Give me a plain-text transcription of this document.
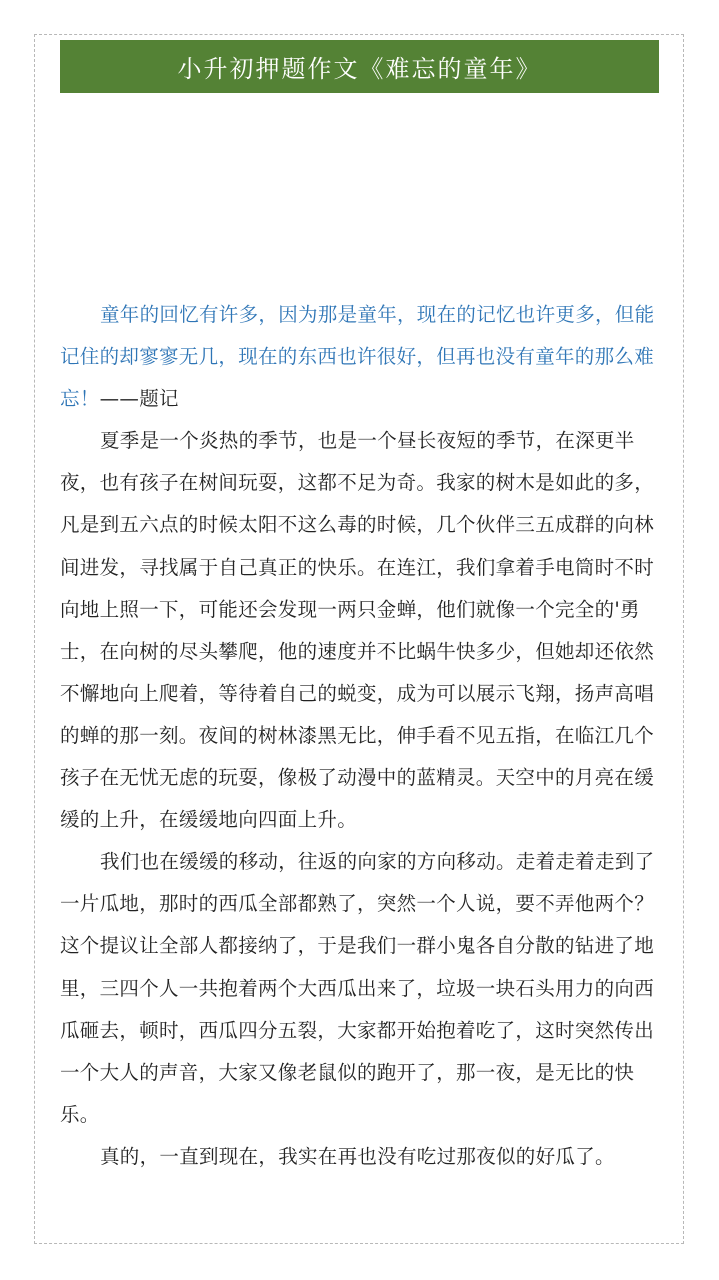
小升初押题作文《难忘的童年》

童年的回忆有许多，因为那是童年，现在的记忆也许更多，但能记住的却寥寥无几，现在的东西也许很好，但再也没有童年的那么难忘！——题记

夏季是一个炎热的季节，也是一个昼长夜短的季节，在深更半夜，也有孩子在树间玩耍，这都不足为奇。我家的树木是如此的多，凡是到五六点的时候太阳不这么毒的时候，几个伙伴三五成群的向林间进发，寻找属于自己真正的快乐。在连江，我们拿着手电筒时不时向地上照一下，可能还会发现一两只金蝉，他们就像一个完全的'勇士，在向树的尽头攀爬，他的速度并不比蜗牛快多少，但她却还依然不懈地向上爬着，等待着自己的蜕变，成为可以展示飞翔，扬声高唱的蝉的那一刻。夜间的树林漆黑无比，伸手看不见五指，在临江几个孩子在无忧无虑的玩耍，像极了动漫中的蓝精灵。天空中的月亮在缓缓的上升，在缓缓地向四面上升。

我们也在缓缓的移动，往返的向家的方向移动。走着走着走到了一片瓜地，那时的西瓜全部都熟了，突然一个人说，要不弄他两个？这个提议让全部人都接纳了，于是我们一群小鬼各自分散的钻进了地里，三四个人一共抱着两个大西瓜出来了，垃圾一块石头用力的向西瓜砸去，顿时，西瓜四分五裂，大家都开始抱着吃了，这时突然传出一个大人的声音，大家又像老鼠似的跑开了，那一夜，是无比的快乐。

真的，一直到现在，我实在再也没有吃过那夜似的好瓜了。
